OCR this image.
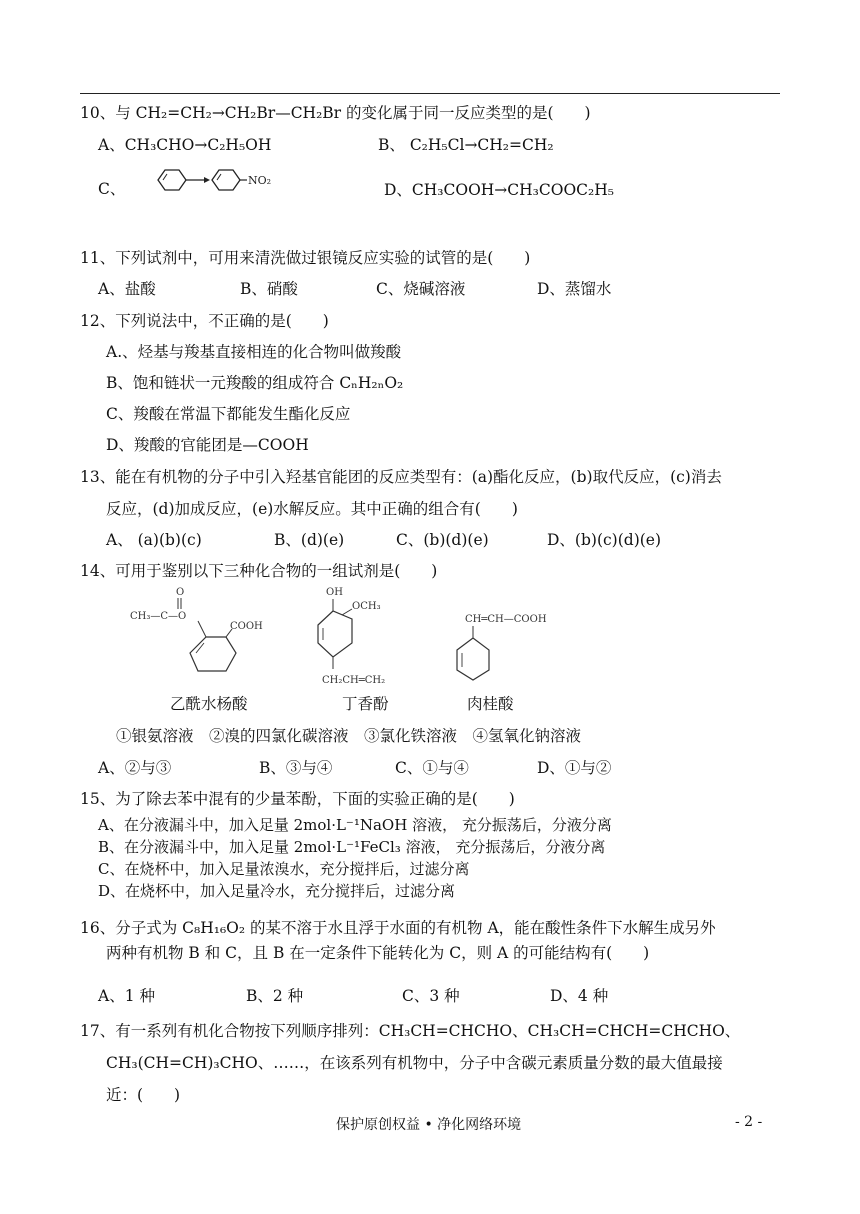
10、与 CH₂=CH₂→CH₂Br—CH₂Br 的变化属于同一反应类型的是(　　)
A、CH₃CHO→C₂H₅OH	B、 C₂H₅Cl→CH₂=CH₂
C、	NO₂
D、CH₃COOH→CH₃COOC₂H₅
11、下列试剂中，可用来清洗做过银镜反应实验的试管的是(　　)
A、盐酸	B、硝酸	C、烧碱溶液	D、蒸馏水
12、下列说法中，不正确的是(　　)
A.、烃基与羧基直接相连的化合物叫做羧酸
B、饱和链状一元羧酸的组成符合 CₙH₂ₙO₂
C、羧酸在常温下都能发生酯化反应
D、羧酸的官能团是—COOH
13、能在有机物的分子中引入羟基官能团的反应类型有：(a)酯化反应，(b)取代反应，(c)消去
反应，(d)加成反应，(e)水解反应。其中正确的组合有(　　)
A、 (a)(b)(c)	B、(d)(e)	C、(b)(d)(e)	D、(b)(c)(d)(e)
14、可用于鉴别以下三种化合物的一组试剂是(　　)
O
CH₃—C—O
COOH
乙酰水杨酸
OH
OCH₃
CH₂CH═CH₂
丁香酚
CH═CH—COOH
肉桂酸
①银氨溶液　②溴的四氯化碳溶液　③氯化铁溶液　④氢氧化钠溶液
A、②与③	B、③与④	C、①与④	D、①与②
15、为了除去苯中混有的少量苯酚，下面的实验正确的是(　　)
A、在分液漏斗中，加入足量 2mol·L⁻¹NaOH 溶液， 充分振荡后，分液分离
B、在分液漏斗中，加入足量 2mol·L⁻¹FeCl₃ 溶液， 充分振荡后，分液分离
C、在烧杯中，加入足量浓溴水，充分搅拌后，过滤分离
D、在烧杯中，加入足量冷水，充分搅拌后，过滤分离
16、分子式为 C₈H₁₆O₂ 的某不溶于水且浮于水面的有机物 A，能在酸性条件下水解生成另外
两种有机物 B 和 C，且 B 在一定条件下能转化为 C，则 A 的可能结构有(　　)
A、1 种	B、2 种	C、3 种	D、4 种
17、有一系列有机化合物按下列顺序排列：CH₃CH=CHCHO、CH₃CH=CHCH=CHCHO、
CH₃(CH=CH)₃CHO、……，在该系列有机物中，分子中含碳元素质量分数的最大值最接
近：(　　)
保护原创权益 • 净化网络环境	- 2 -
